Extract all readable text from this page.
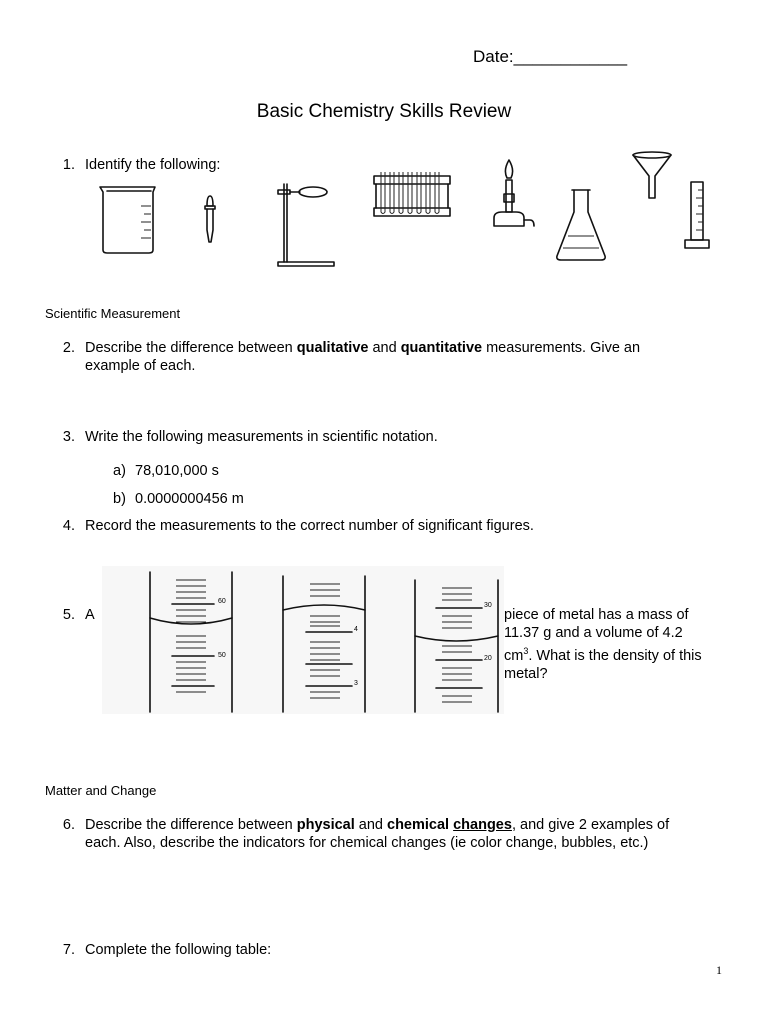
Date:____________
Basic Chemistry Skills Review
1. Identify the following:
Scientific Measurement
2. Describe the difference between qualitative and quantitative measurements. Give an
example of each.
3. Write the following measurements in scientific notation.
a) 78,010,000 s
b) 0.0000000456 m
4. Record the measurements to the correct number of significant figures.
60
50
4
3
30
20
5. A	piece of metal has a mass of
11.37 g and a volume of 4.2
$cm^3$. What is the density of this
metal?
Matter and Change
6. Describe the difference between physical and chemical changes, and give 2 examples of
each. Also, describe the indicators for chemical changes (ie color change, bubbles, etc.)
7. Complete the following table:
1
